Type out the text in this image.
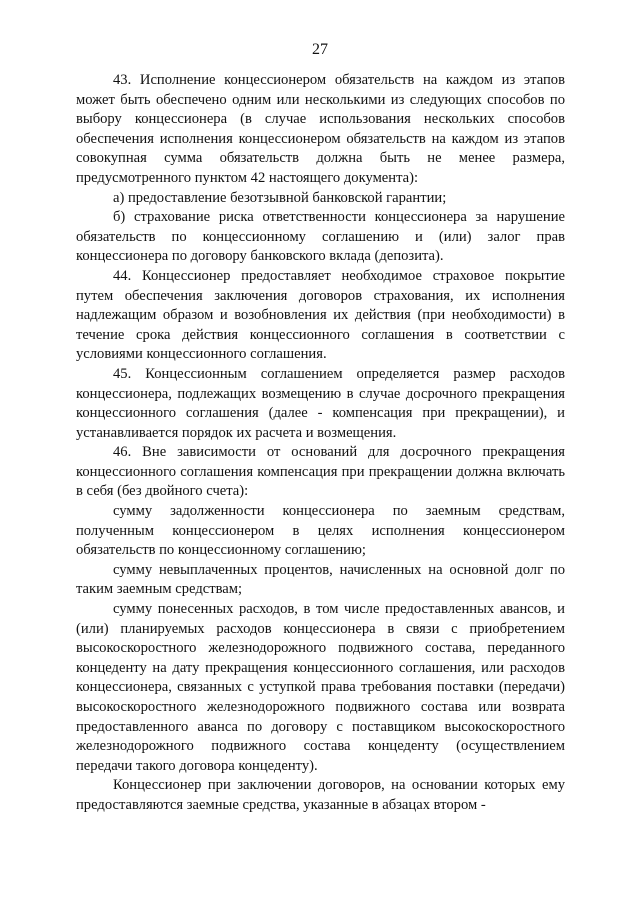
27

43. Исполнение концессионером обязательств на каждом из этапов может быть обеспечено одним или несколькими из следующих способов по выбору концессионера (в случае использования нескольких способов обеспечения исполнения концессионером обязательств на каждом из этапов совокупная сумма обязательств должна быть не менее размера, предусмотренного пунктом 42 настоящего документа):

а) предоставление безотзывной банковской гарантии;

б) страхование риска ответственности концессионера за нарушение обязательств по концессионному соглашению и (или) залог прав концессионера по договору банковского вклада (депозита).

44. Концессионер предоставляет необходимое страховое покрытие путем обеспечения заключения договоров страхования, их исполнения надлежащим образом и возобновления их действия (при необходимости) в течение срока действия концессионного соглашения в соответствии с условиями концессионного соглашения.

45. Концессионным соглашением определяется размер расходов концессионера, подлежащих возмещению в случае досрочного прекращения концессионного соглашения (далее - компенсация при прекращении), и устанавливается порядок их расчета и возмещения.

46. Вне зависимости от оснований для досрочного прекращения концессионного соглашения компенсация при прекращении должна включать в себя (без двойного счета):

сумму задолженности концессионера по заемным средствам, полученным концессионером в целях исполнения концессионером обязательств по концессионному соглашению;

сумму невыплаченных процентов, начисленных на основной долг по таким заемным средствам;

сумму понесенных расходов, в том числе предоставленных авансов, и (или) планируемых расходов концессионера в связи с приобретением высокоскоростного железнодорожного подвижного состава, переданного концеденту на дату прекращения концессионного соглашения, или расходов концессионера, связанных с уступкой права требования поставки (передачи) высокоскоростного железнодорожного подвижного состава или возврата предоставленного аванса по договору с поставщиком высокоскоростного железнодорожного подвижного состава концеденту (осуществлением передачи такого договора концеденту).

Концессионер при заключении договоров, на основании которых ему предоставляются заемные средства, указанные в абзацах втором -
